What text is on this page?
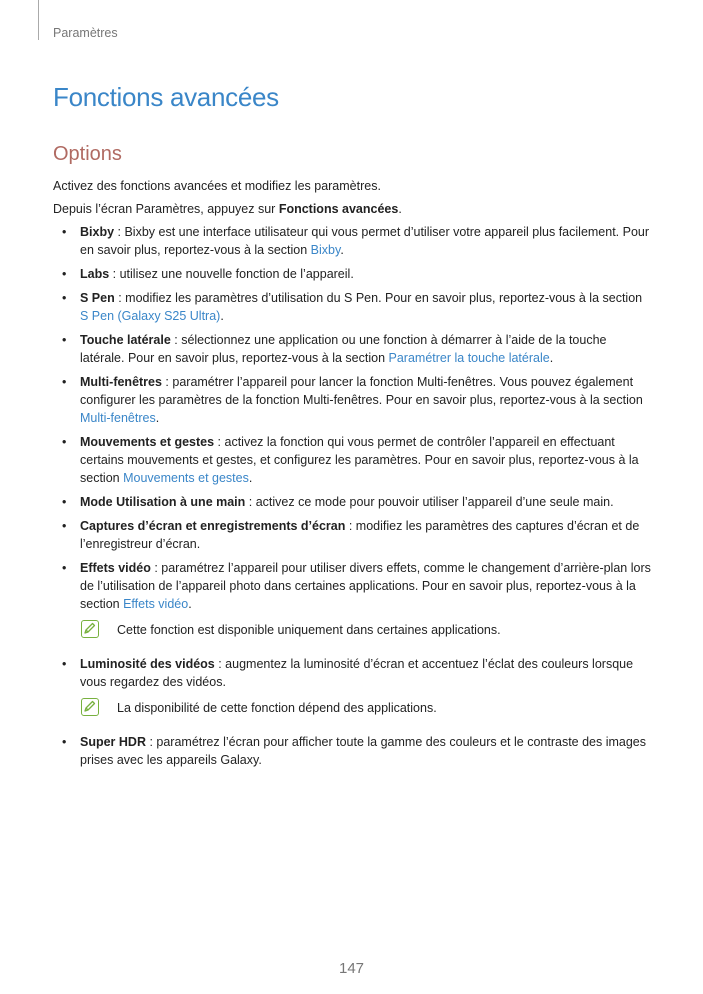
Paramètres
Fonctions avancées
Options

Activez des fonctions avancées et modifiez les paramètres.

Depuis l’écran Paramètres, appuyez sur Fonctions avancées.

• Bixby : Bixby est une interface utilisateur qui vous permet d’utiliser votre appareil plus facilement. Pour en savoir plus, reportez-vous à la section Bixby.
• Labs : utilisez une nouvelle fonction de l’appareil.
• S Pen : modifiez les paramètres d’utilisation du S Pen. Pour en savoir plus, reportez-vous à la section S Pen (Galaxy S25 Ultra).
• Touche latérale : sélectionnez une application ou une fonction à démarrer à l’aide de la touche latérale. Pour en savoir plus, reportez-vous à la section Paramétrer la touche latérale.
• Multi-fenêtres : paramétrer l’appareil pour lancer la fonction Multi-fenêtres. Vous pouvez également configurer les paramètres de la fonction Multi-fenêtres. Pour en savoir plus, reportez-vous à la section Multi-fenêtres.
• Mouvements et gestes : activez la fonction qui vous permet de contrôler l’appareil en effectuant certains mouvements et gestes, et configurez les paramètres. Pour en savoir plus, reportez-vous à la section Mouvements et gestes.
• Mode Utilisation à une main : activez ce mode pour pouvoir utiliser l’appareil d’une seule main.
• Captures d’écran et enregistrements d’écran : modifiez les paramètres des captures d’écran et de l’enregistreur d’écran.
• Effets vidéo : paramétrez l’appareil pour utiliser divers effets, comme le changement d’arrière-plan lors de l’utilisation de l’appareil photo dans certaines applications. Pour en savoir plus, reportez-vous à la section Effets vidéo.
Cette fonction est disponible uniquement dans certaines applications.
• Luminosité des vidéos : augmentez la luminosité d’écran et accentuez l’éclat des couleurs lorsque vous regardez des vidéos.
La disponibilité de cette fonction dépend des applications.
• Super HDR : paramétrez l’écran pour afficher toute la gamme des couleurs et le contraste des images prises avec les appareils Galaxy.
147
